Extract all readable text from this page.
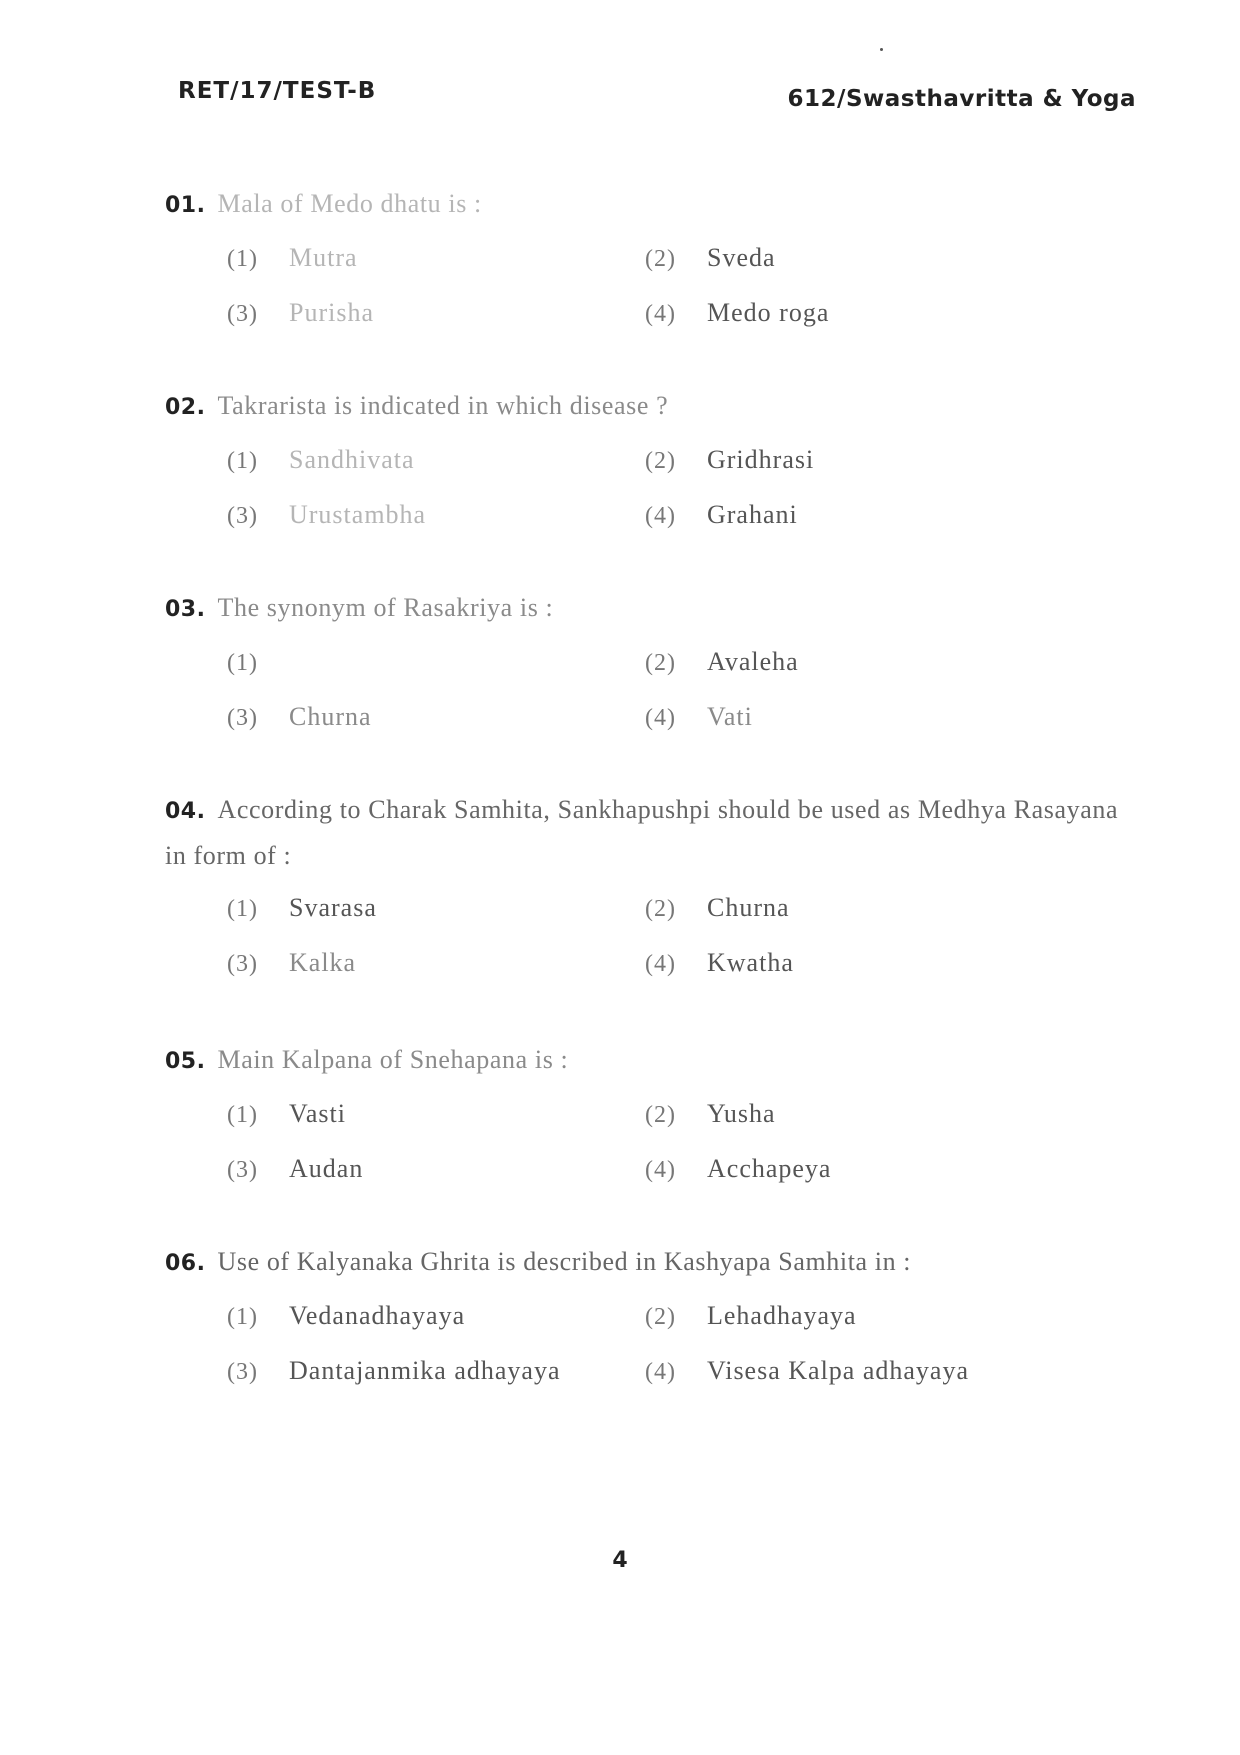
RET/17/TEST-B	612/Swasthavritta & Yoga
01. Mala of Medo dhatu is :
(1) Mutra	(2) Sveda
(3) Purisha	(4) Medo roga
02. Takrarista is indicated in which disease ?
(1) Sandhivata	(2) Gridhrasi
(3) Urustambha	(4) Grahani
03. The synonym of Rasakriya is :
(1)	(2) Avaleha
(3) Churna	(4) Vati
04. According to Charak Samhita, Sankhapushpi should be used as Medhya Rasayana in form of :
(1) Svarasa	(2) Churna
(3) Kalka	(4) Kwatha
05. Main Kalpana of Snehapana is :
(1) Vasti	(2) Yusha
(3) Audan	(4) Acchapeya
06. Use of Kalyanaka Ghrita is described in Kashyapa Samhita in :
(1) Vedanadhayaya	(2) Lehadhayaya
(3) Dantajanmika adhayaya	(4) Visesa Kalpa adhayaya
4
